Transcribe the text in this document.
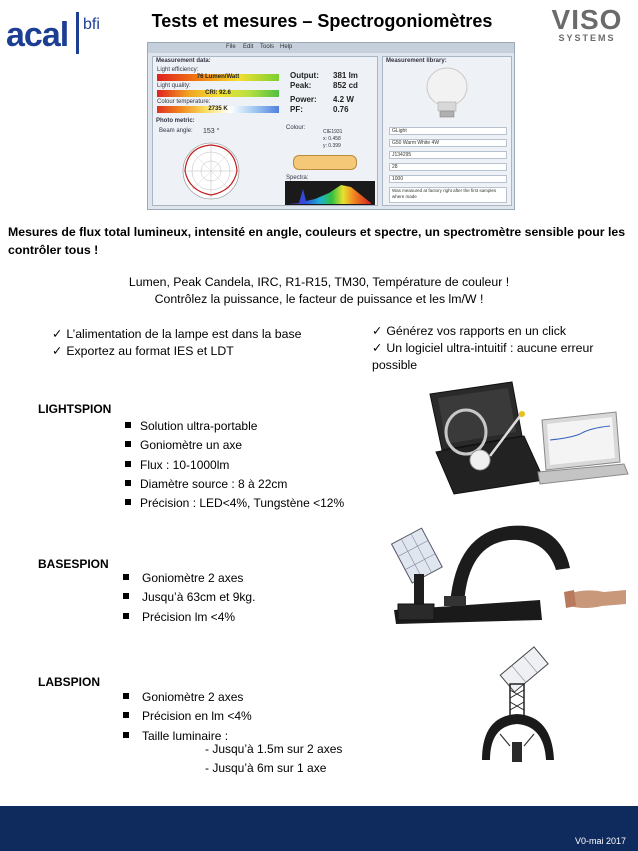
acal bfi	Tests et mesures – Spectrogoniomètres	VISO
SYSTEMS
File Edit Tools Help
Measurement data:
Light efficiency:
76 Lumen/Watt
Light quality:
CRI: 92.6
Colour temperature:
2735 K
Output: 381 lm
Peak:	852 cd
Power: 4.2 W
PF:	0.76
Photo metric:
Beam angle: 153 °	Colour:
CIE1931
x: 0.458
y: 0.399
Spectra:
Measurement library:
GLight
G50 Warm White 4W
J134295
28
1000
Was measured at factory right after the first samples where made
Mesures de flux total lumineux, intensité en angle, couleurs et spectre, un spectromètre sensible pour les contrôler tous !
Lumen, Peak Candela, IRC, R1-R15, TM30, Température de couleur !
Contrôlez la puissance, le facteur de puissance et les lm/W !
✓ L’alimentation de la lampe est dans la base
✓ Exportez au format IES et LDT
✓ Générez vos rapports en un click
✓ Un logiciel ultra-intuitif : aucune erreur possible
LIGHTSPION
Solution ultra-portable
Goniomètre un axe
Flux : 10-1000lm
Diamètre source : 8 à 22cm
Précision : LED<4%, Tungstène <12%
BASESPION
Goniomètre 2 axes
Jusqu’à 63cm et 9kg.
Précision lm <4%
LABSPION
Goniomètre 2 axes
Précision en lm <4%
Taille luminaire :
- Jusqu’à 1.5m sur 2 axes
- Jusqu’à 6m sur 1 axe
V0-mai 2017
